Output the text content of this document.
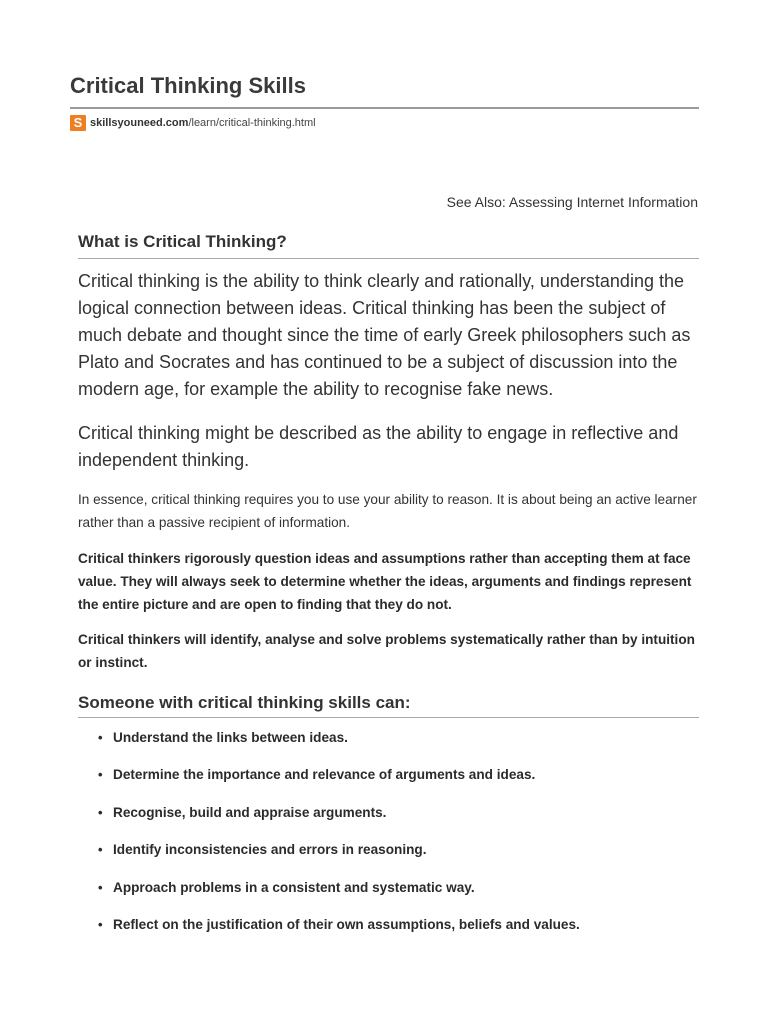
Critical Thinking Skills
S skillsyouneed.com /learn/critical-thinking.html
See Also: Assessing Internet Information
What is Critical Thinking?

Critical thinking is the ability to think clearly and rationally, understanding the logical connection between ideas. Critical thinking has been the subject of much debate and thought since the time of early Greek philosophers such as Plato and Socrates and has continued to be a subject of discussion into the modern age, for example the ability to recognise fake news.

Critical thinking might be described as the ability to engage in reflective and independent thinking.

In essence, critical thinking requires you to use your ability to reason. It is about being an active learner rather than a passive recipient of information.

Critical thinkers rigorously question ideas and assumptions rather than accepting them at face value. They will always seek to determine whether the ideas, arguments and findings represent the entire picture and are open to finding that they do not.

Critical thinkers will identify, analyse and solve problems systematically rather than by intuition or instinct.

Someone with critical thinking skills can:
• Understand the links between ideas.
• Determine the importance and relevance of arguments and ideas.
• Recognise, build and appraise arguments.
• Identify inconsistencies and errors in reasoning.
• Approach problems in a consistent and systematic way.
• Reflect on the justification of their own assumptions, beliefs and values.
